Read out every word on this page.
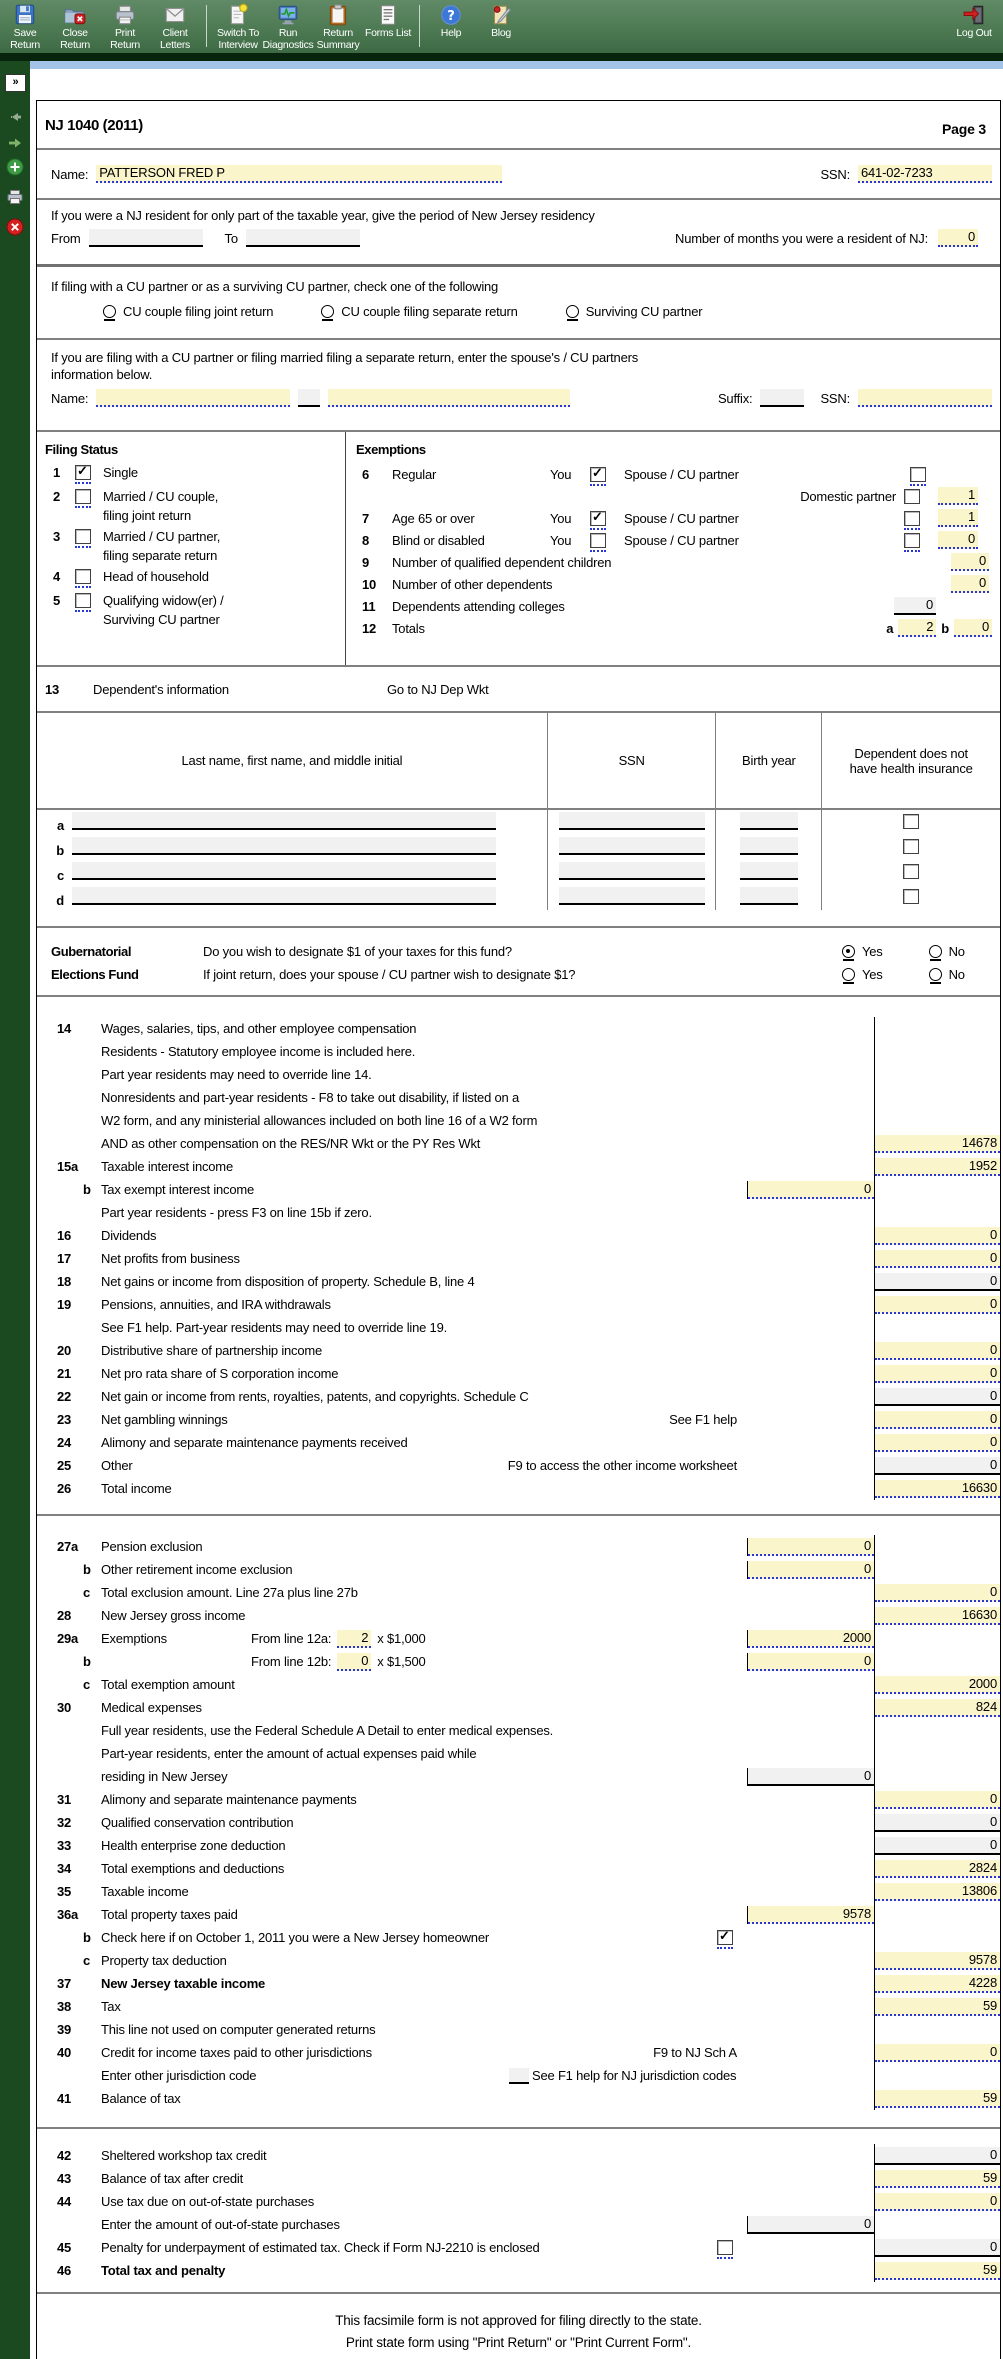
Save Return
Close Return
Print Return
Client Letters
Switch To Interview
Run Diagnostics
Return Summary
Forms List
?
Help	Blog	Log Out
»
NJ 1040 (2011)	Page 3
Name: PATTERSON FRED P	SSN: 641-02-7233
If you were a NJ resident for only part of the taxable year, give the period of New Jersey residency
From	To	Number of months you were a resident of NJ:	0
If filing with a CU partner or as a surviving CU partner, check one of the following
CU couple filing joint return	CU couple filing separate return	Surviving CU partner
If you are filing with a CU partner or filing married filing a separate return, enter the spouse's / CU partners
information below.
Name:	Suffix:	SSN:
Filing Status
1 ✓	Single
2	Married / CU couple,
filing joint return
3	Married / CU partner,
filing separate return
4	Head of household
5	Qualifying widow(er) /
Surviving CU partner
Exemptions
6	Regular	You ✓	Spouse / CU partner
Domestic partner	1
7	Age 65 or over	You ✓	Spouse / CU partner	1
8	Blind or disabled	You	Spouse / CU partner	0
9	Number of qualified dependent children	0
10	Number of other dependents	0
11	Dependents attending colleges	0
12	Totals	a	2 b	0
13	Dependent's information	Go to NJ Dep Wkt
Last name, first name, and middle initial	SSN	Birth year	Dependent does not have health insurance
a			
b			
c			
d			
Gubernatorial	Do you wish to designate $1 of your taxes for this fund?	Yes	No
Elections Fund	If joint return, does your spouse / CU partner wish to designate $1?	Yes	No
14	Wages, salaries, tips, and other employee compensation
Residents - Statutory employee income is included here.
Part year residents may need to override line 14.
Nonresidents and part-year residents - F8 to take out disability, if listed on a
W2 form, and any ministerial allowances included on both line 16 of a W2 form
AND as other compensation on the RES/NR Wkt or the PY Res Wkt	14678
15a	Taxable interest income	1952
b Tax exempt interest income	0
Part year residents - press F3 on line 15b if zero.
16	Dividends	0
17	Net profits from business	0
18	Net gains or income from disposition of property. Schedule B, line 4	0
19	Pensions, annuities, and IRA withdrawals	0
See F1 help. Part-year residents may need to override line 19.
20	Distributive share of partnership income	0
21	Net pro rata share of S corporation income	0
22	Net gain or income from rents, royalties, patents, and copyrights. Schedule C	0
23	Net gambling winnings	See F1 help	0
24	Alimony and separate maintenance payments received	0
25	Other	F9 to access the other income worksheet	0
26	Total income	16630
27a	Pension exclusion	0
b Other retirement income exclusion	0
c Total exclusion amount. Line 27a plus line 27b	0
28	New Jersey gross income	16630
29a	Exemptions	From line 12a:	2 x $1,000	2000
b	From line 12b:	0 x $1,500	0
c Total exemption amount	2000
30	Medical expenses	824
Full year residents, use the Federal Schedule A Detail to enter medical expenses.
Part-year residents, enter the amount of actual expenses paid while
residing in New Jersey	0
31	Alimony and separate maintenance payments	0
32	Qualified conservation contribution	0
33	Health enterprise zone deduction	0
34	Total exemptions and deductions	2824
35	Taxable income	13806
36a	Total property taxes paid	9578
b Check here if on October 1, 2011 you were a New Jersey homeowner
✓
c Property tax deduction	9578
37	New Jersey taxable income	4228
38	Tax	59
39	This line not used on computer generated returns
40	Credit for income taxes paid to other jurisdictions	F9 to NJ Sch A	0
Enter other jurisdiction code	See F1 help for NJ jurisdiction codes
41	Balance of tax	59
42	Sheltered workshop tax credit	0
43	Balance of tax after credit	59
44	Use tax due on out-of-state purchases	0
Enter the amount of out-of-state purchases	0
45	Penalty for underpayment of estimated tax. Check if Form NJ-2210 is enclosed	0
46	Total tax and penalty	59
This facsimile form is not approved for filing directly to the state.
Print state form using "Print Return" or "Print Current Form".
